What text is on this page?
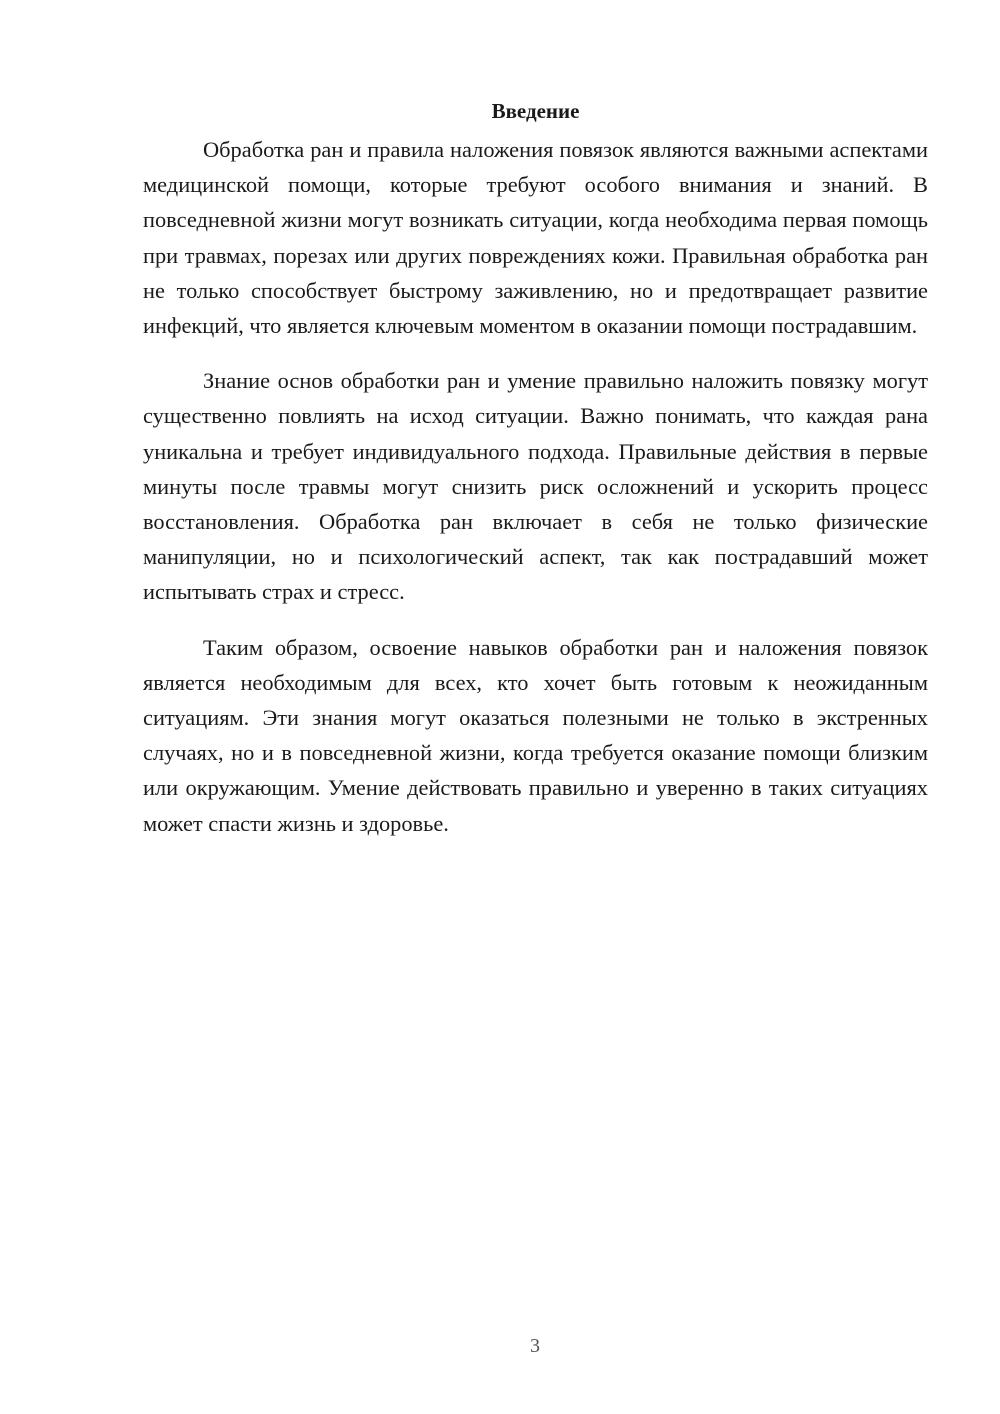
Введение

Обработка ран и правила наложения повязок являются важными аспектами медицинской помощи, которые требуют особого внимания и знаний. В повседневной жизни могут возникать ситуации, когда необходима первая помощь при травмах, порезах или других повреждениях кожи. Правильная обработка ран не только способствует быстрому заживлению, но и предотвращает развитие инфекций, что является ключевым моментом в оказании помощи пострадавшим.

Знание основ обработки ран и умение правильно наложить повязку могут существенно повлиять на исход ситуации. Важно понимать, что каждая рана уникальна и требует индивидуального подхода. Правильные действия в первые минуты после травмы могут снизить риск осложнений и ускорить процесс восстановления. Обработка ран включает в себя не только физические манипуляции, но и психологический аспект, так как пострадавший может испытывать страх и стресс.

Таким образом, освоение навыков обработки ран и наложения повязок является необходимым для всех, кто хочет быть готовым к неожиданным ситуациям. Эти знания могут оказаться полезными не только в экстренных случаях, но и в повседневной жизни, когда требуется оказание помощи близким или окружающим. Умение действовать правильно и уверенно в таких ситуациях может спасти жизнь и здоровье.

3
